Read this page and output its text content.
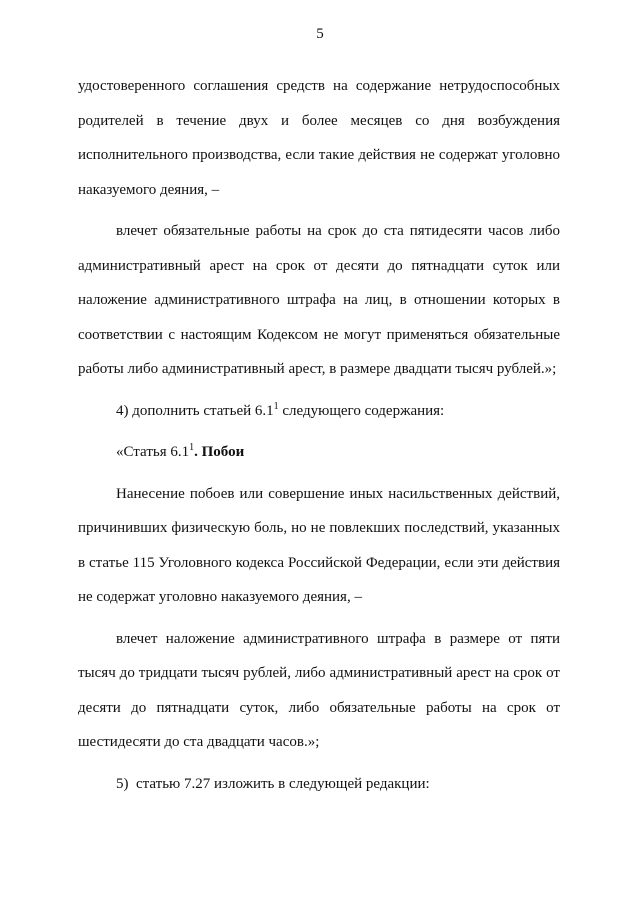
5
удостоверенного соглашения средств на содержание нетрудоспособных
родителей в течение двух и более месяцев со дня возбуждения
исполнительного производства, если такие действия не содержат уголовно
наказуемого деяния, –
влечет обязательные работы на срок до ста пятидесяти часов либо
административный арест на срок от десяти до пятнадцати суток или
наложение административного штрафа на лиц, в отношении которых в
соответствии с настоящим Кодексом не могут применяться обязательные
работы либо административный арест, в размере двадцати тысяч рублей.»;
4) дополнить статьей $6.1^1$ следующего содержания:
«Статья $6.1^1$. Побои
Нанесение побоев или совершение иных насильственных действий,
причинивших физическую боль, но не повлекших последствий, указанных
в статье 115 Уголовного кодекса Российской Федерации, если эти действия
не содержат уголовно наказуемого деяния, –
влечет наложение административного штрафа в размере от пяти
тысяч до тридцати тысяч рублей, либо административный арест на срок от
десяти до пятнадцати суток, либо обязательные работы на срок от
шестидесяти до ста двадцати часов.»;
5)  статью 7.27 изложить в следующей редакции:
